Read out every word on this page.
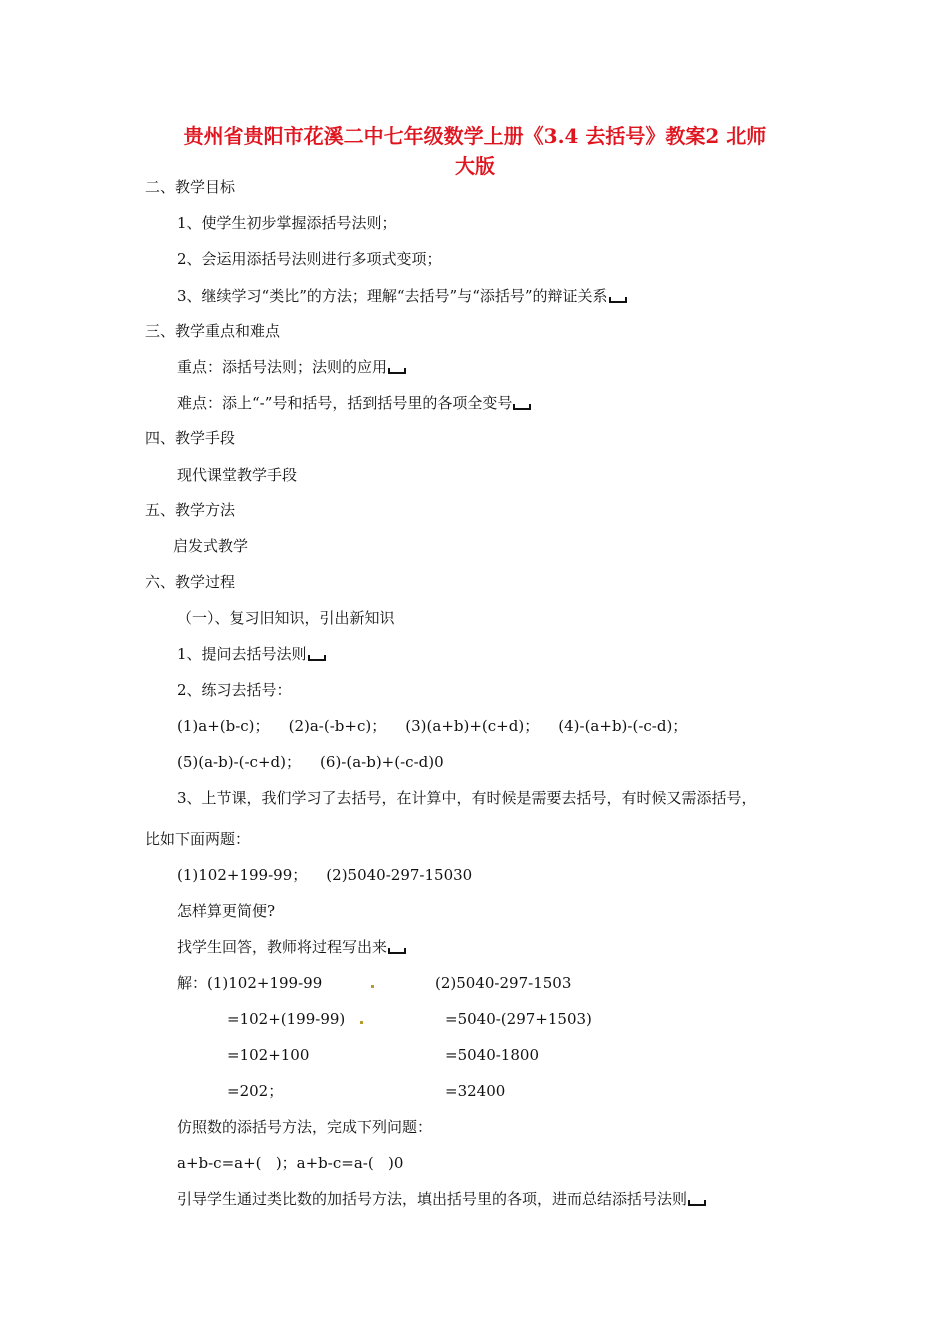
贵州省贵阳市花溪二中七年级数学上册《3.4 去括号》教案2 北师
大版
二、教学目标
1、使学生初步掌握添括号法则；
2、会运用添括号法则进行多项式变项；
3、继续学习“类比”的方法；理解“去括号”与“添括号”的辩证关系
三、教学重点和难点
重点：添括号法则；法则的应用
难点：添上“-”号和括号，括到括号里的各项全变号
四、教学手段
现代课堂教学手段
五、教学方法
启发式教学
六、教学过程
（一）、复习旧知识，引出新知识
1、提问去括号法则
2、练习去括号：
(1)a+(b-c)；    (2)a-(-b+c)；    (3)(a+b)+(c+d)；    (4)-(a+b)-(-c-d)；
(5)(a-b)-(-c+d)；    (6)-(a-b)+(-c-d)0
3、上节课，我们学习了去括号，在计算中，有时候是需要去括号，有时候又需添括号，
比如下面两题：
(1)102+199-99；    (2)5040-297-15030
怎样算更简便?
找学生回答，教师将过程写出来
解：(1)102+199-99	(2)5040-297-1503
=102+(199-99)	=5040-(297+1503)
=102+100	=5040-1800
=202；	=32400
仿照数的添括号方法，完成下列问题：
a+b-c=a+(   )；a+b-c=a-(   )0
引导学生通过类比数的加括号方法，填出括号里的各项，进而总结添括号法则
